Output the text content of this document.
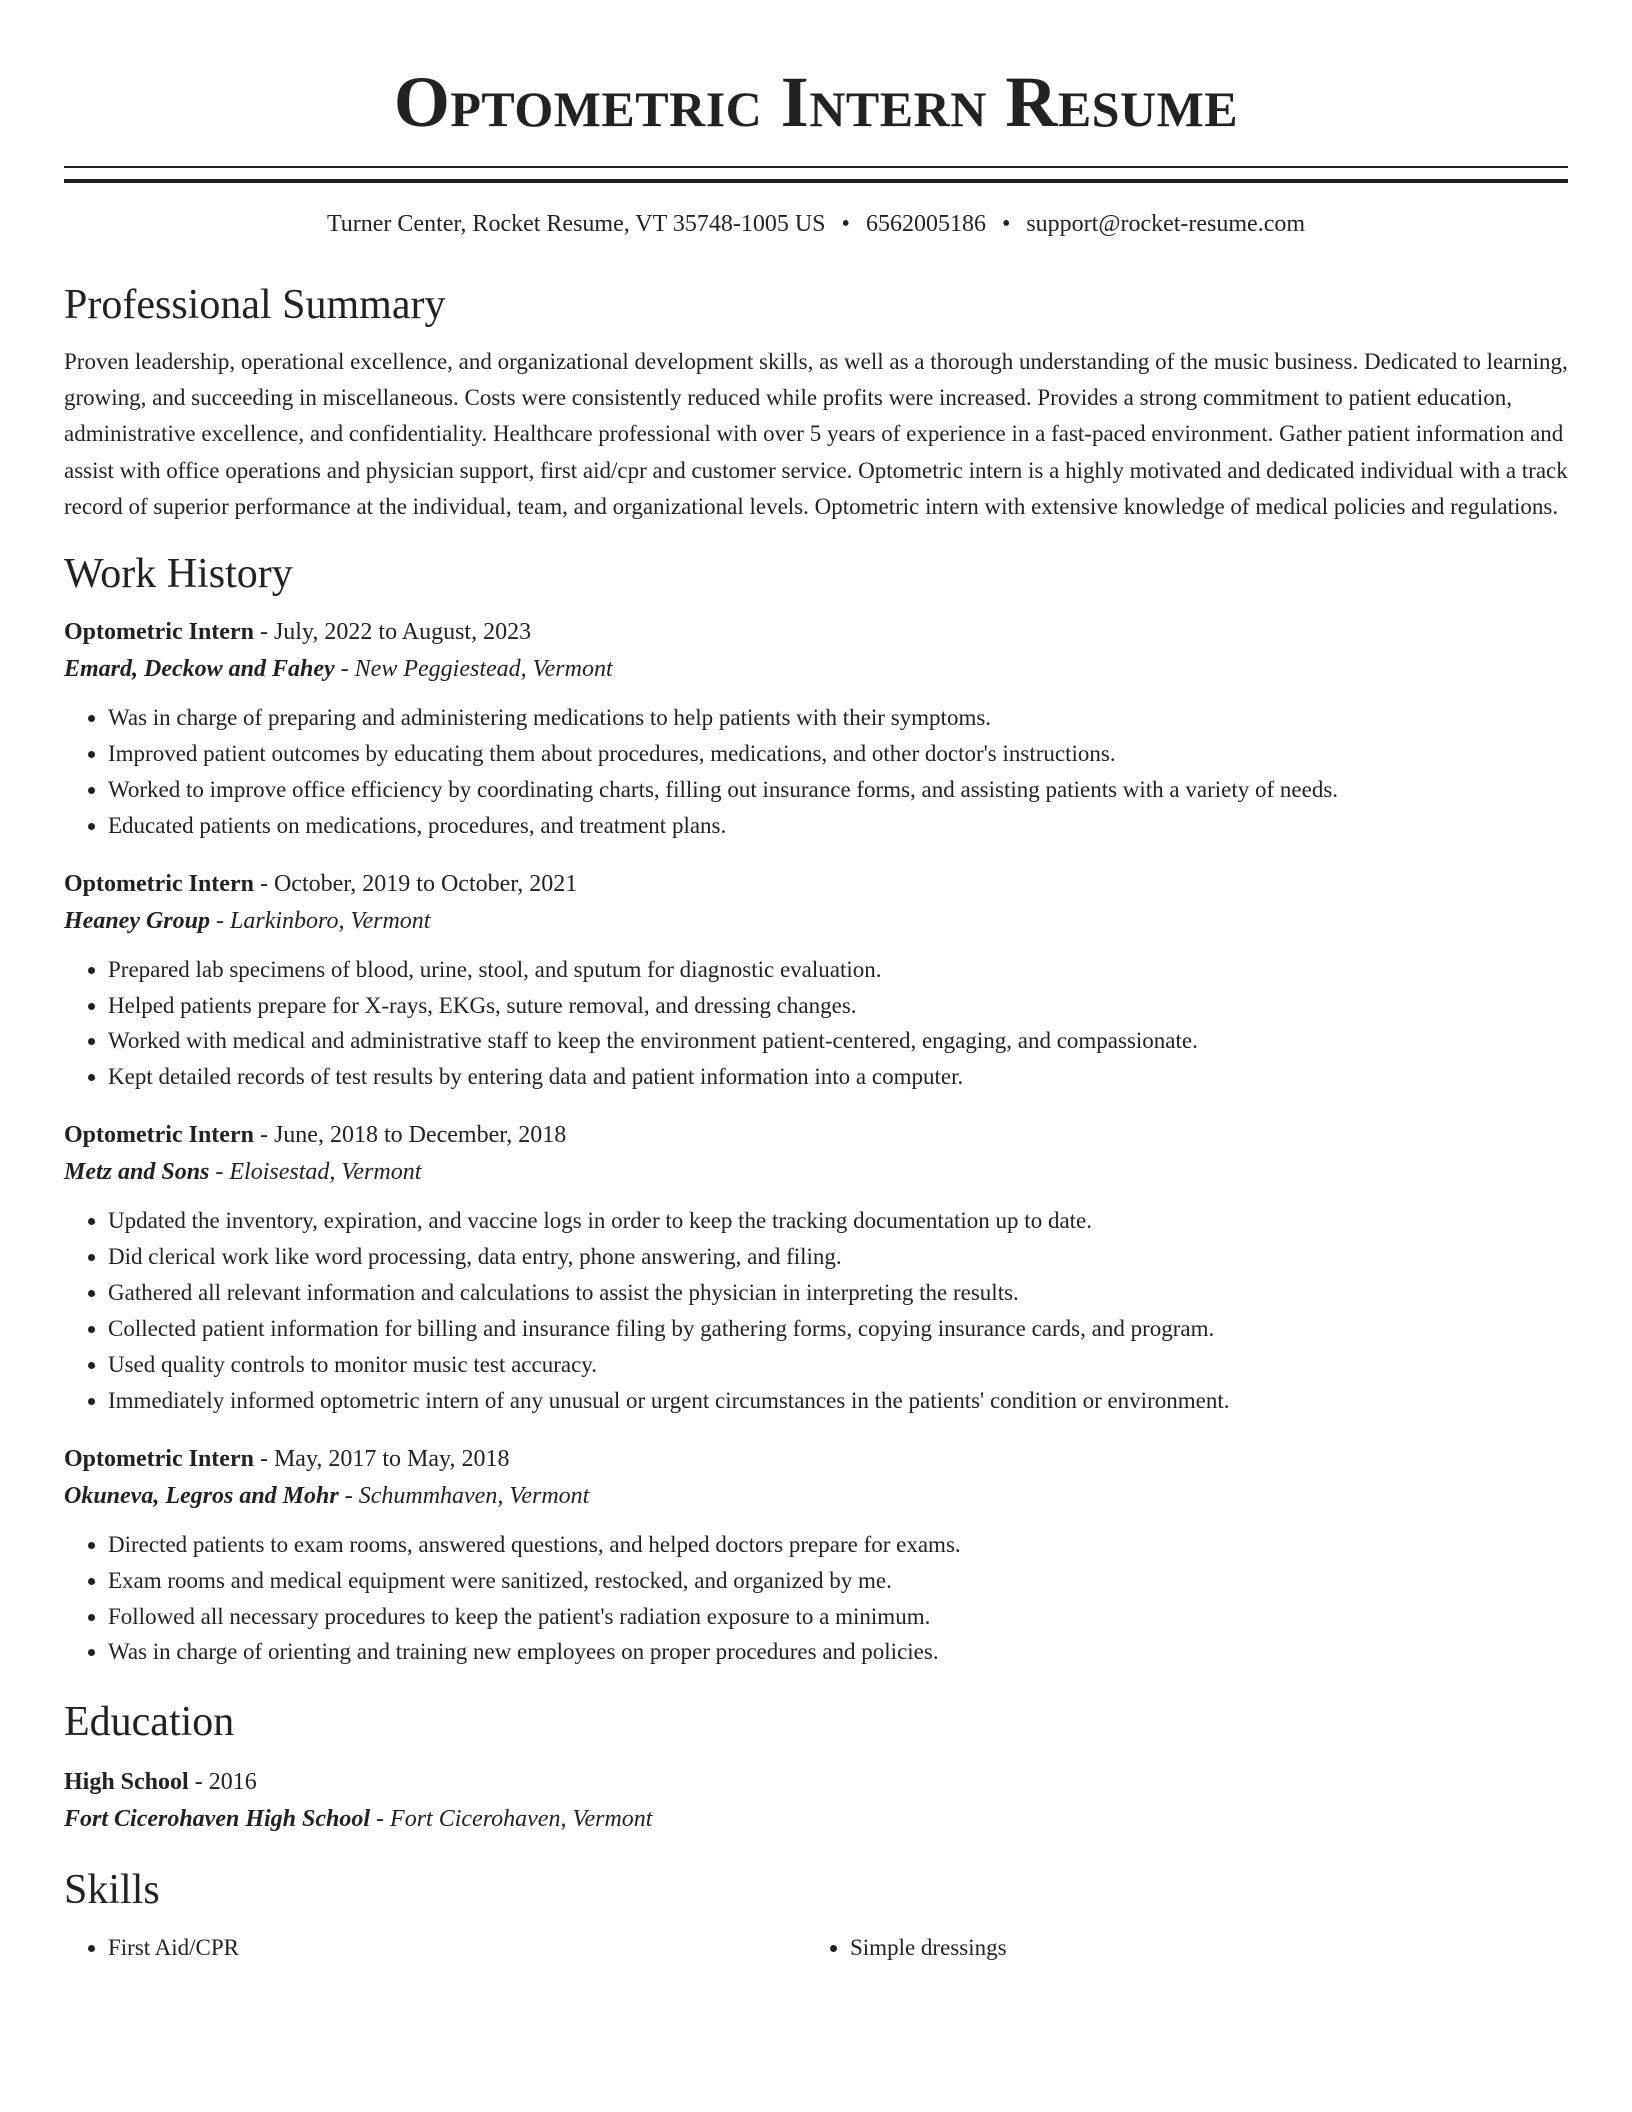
Optometric Intern Resume
Turner Center, Rocket Resume, VT 35748-1005 US • 6562005186 • support@rocket-resume.com
Professional Summary
Proven leadership, operational excellence, and organizational development skills, as well as a thorough understanding of the music business. Dedicated to learning, growing, and succeeding in miscellaneous. Costs were consistently reduced while profits were increased. Provides a strong commitment to patient education, administrative excellence, and confidentiality. Healthcare professional with over 5 years of experience in a fast-paced environment. Gather patient information and assist with office operations and physician support, first aid/cpr and customer service. Optometric intern is a highly motivated and dedicated individual with a track record of superior performance at the individual, team, and organizational levels. Optometric intern with extensive knowledge of medical policies and regulations.
Work History
Optometric Intern - July, 2022 to August, 2023
Emard, Deckow and Fahey - New Peggiestead, Vermont
• Was in charge of preparing and administering medications to help patients with their symptoms.
• Improved patient outcomes by educating them about procedures, medications, and other doctor's instructions.
• Worked to improve office efficiency by coordinating charts, filling out insurance forms, and assisting patients with a variety of needs.
• Educated patients on medications, procedures, and treatment plans.
Optometric Intern - October, 2019 to October, 2021
Heaney Group - Larkinboro, Vermont
• Prepared lab specimens of blood, urine, stool, and sputum for diagnostic evaluation.
• Helped patients prepare for X-rays, EKGs, suture removal, and dressing changes.
• Worked with medical and administrative staff to keep the environment patient-centered, engaging, and compassionate.
• Kept detailed records of test results by entering data and patient information into a computer.
Optometric Intern - June, 2018 to December, 2018
Metz and Sons - Eloisestad, Vermont
• Updated the inventory, expiration, and vaccine logs in order to keep the tracking documentation up to date.
• Did clerical work like word processing, data entry, phone answering, and filing.
• Gathered all relevant information and calculations to assist the physician in interpreting the results.
• Collected patient information for billing and insurance filing by gathering forms, copying insurance cards, and program.
• Used quality controls to monitor music test accuracy.
• Immediately informed optometric intern of any unusual or urgent circumstances in the patients' condition or environment.
Optometric Intern - May, 2017 to May, 2018
Okuneva, Legros and Mohr - Schummhaven, Vermont
• Directed patients to exam rooms, answered questions, and helped doctors prepare for exams.
• Exam rooms and medical equipment were sanitized, restocked, and organized by me.
• Followed all necessary procedures to keep the patient's radiation exposure to a minimum.
• Was in charge of orienting and training new employees on proper procedures and policies.
Education
High School - 2016
Fort Cicerohaven High School - Fort Cicerohaven, Vermont
Skills
• First Aid/CPR
•	Simple dressings
